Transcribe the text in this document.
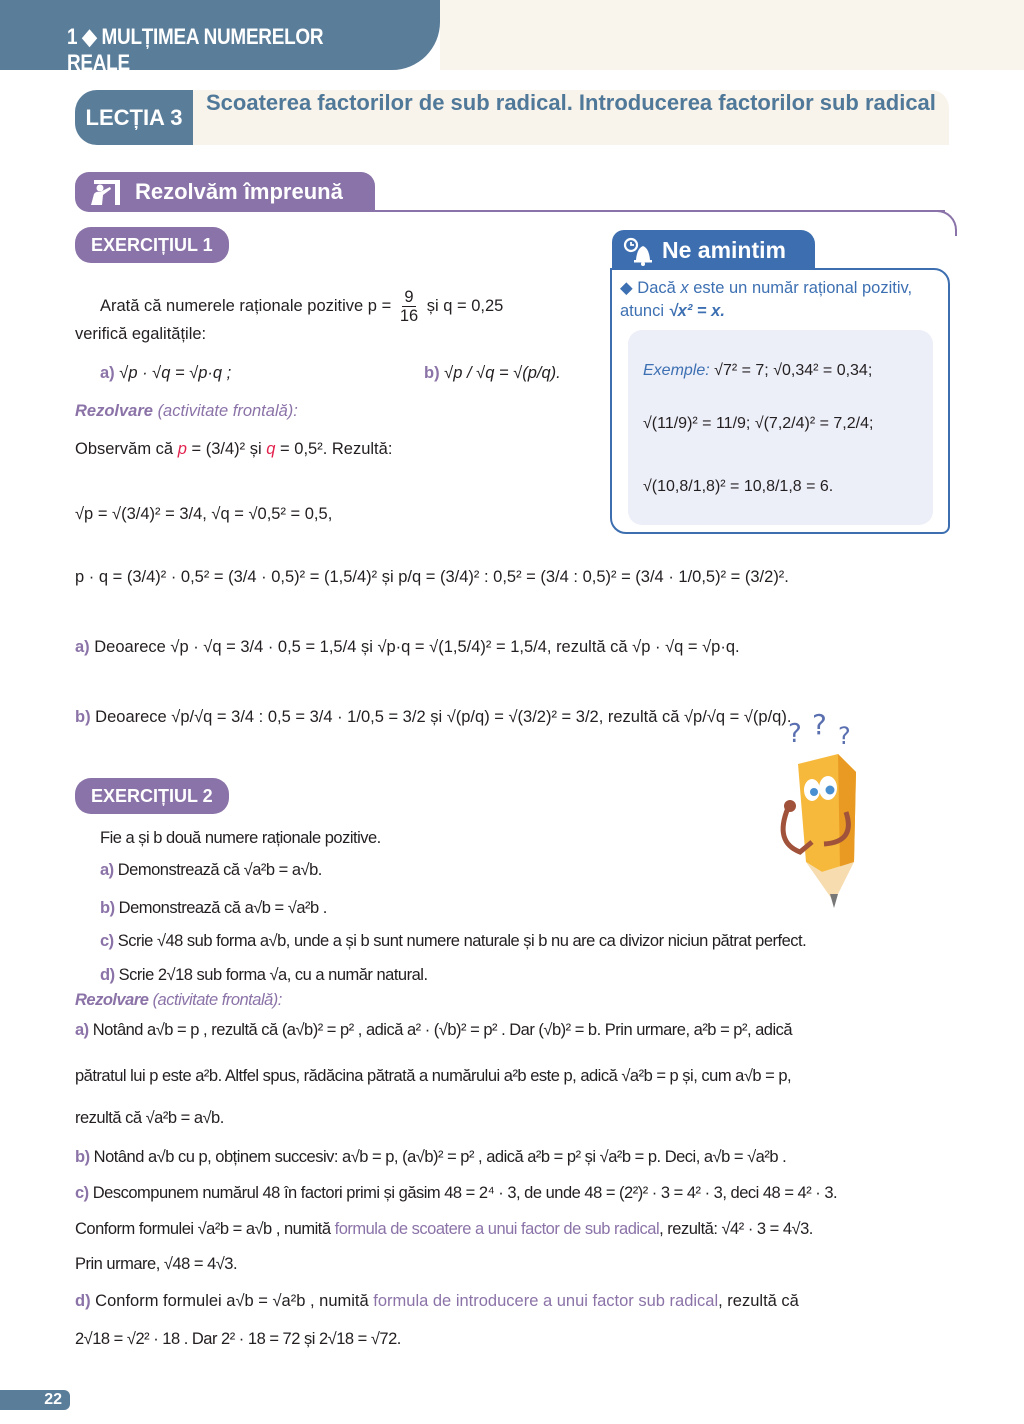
1 ◆ MULȚIMEA NUMERELOR REALE
LECȚIA 3
Scoaterea factorilor de sub radical. Introducerea factorilor sub radical
Rezolvăm împreună
EXERCIȚIUL 1
Arată că numerele raționale pozitive $p = \frac{9}{16}$ și q = 0,25
verifică egalitățile:
a) √p · √q = √p·q ;	b) √p / √q = √(p/q).
Rezolvare (activitate frontală):
Observăm că p = (3/4)² și q = 0,5². Rezultă:
√p = √(3/4)² = 3/4, √q = √0,5² = 0,5,
p · q = (3/4)² · 0,5² = (3/4 · 0,5)² = (1,5/4)² și p/q = (3/4)² : 0,5² = (3/4 : 0,5)² = (3/4 · 1/0,5)² = (3/2)².
a) Deoarece √p · √q = 3/4 · 0,5 = 1,5/4 și √p·q = √(1,5/4)² = 1,5/4, rezultă că √p · √q = √p·q.
b) Deoarece √p/√q = 3/4 : 0,5 = 3/4 · 1/0,5 = 3/2 și √(p/q) = √(3/2)² = 3/2, rezultă că √p/√q = √(p/q).
Ne amintim
◆ Dacă x este un număr rațional pozitiv, atunci √x² = x.
Exemple: √7² = 7; √0,34² = 0,34;
√(11/9)² = 11/9; √(7,2/4)² = 7,2/4;
√(10,8/1,8)² = 10,8/1,8 = 6.
? ? ?
EXERCIȚIUL 2
Fie a și b două numere raționale pozitive.
a) Demonstrează că √a²b = a√b.
b) Demonstrează că a√b = √a²b .
c) Scrie √48 sub forma a√b, unde a și b sunt numere naturale și b nu are ca divizor niciun pătrat perfect.
d) Scrie 2√18 sub forma √a, cu a număr natural.
Rezolvare (activitate frontală):
a) Notând a√b = p , rezultă că (a√b)² = p² , adică a² · (√b)² = p² . Dar (√b)² = b. Prin urmare, a²b = p², adică
pătratul lui p este a²b. Altfel spus, rădăcina pătrată a numărului a²b este p, adică √a²b = p și, cum a√b = p,
rezultă că √a²b = a√b.
b) Notând a√b cu p, obținem succesiv: a√b = p, (a√b)² = p² , adică a²b = p² și √a²b = p. Deci, a√b = √a²b .
c) Descompunem numărul 48 în factori primi și găsim 48 = 2⁴ · 3, de unde 48 = (2²)² · 3 = 4² · 3, deci 48 = 4² · 3.
Conform formulei √a²b = a√b , numită formula de scoatere a unui factor de sub radical, rezultă: √4² · 3 = 4√3.
Prin urmare, √48 = 4√3.
d) Conform formulei a√b = √a²b , numită formula de introducere a unui factor sub radical, rezultă că
2√18 = √2² · 18 . Dar 2² · 18 = 72 și 2√18 = √72.
22
